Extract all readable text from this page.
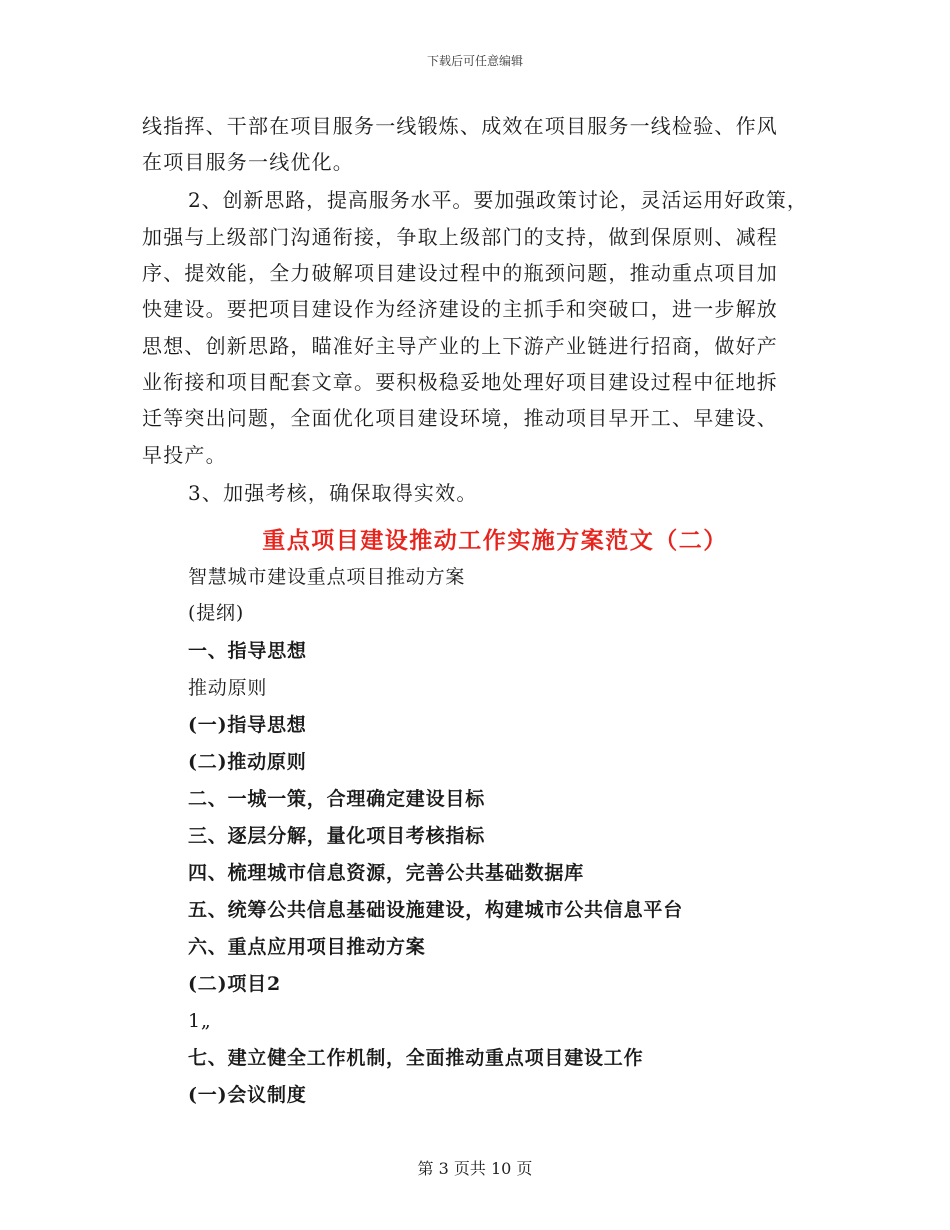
下载后可任意编辑
线指挥、干部在项目服务一线锻炼、成效在项目服务一线检验、作风
在项目服务一线优化。
2、创新思路，提高服务水平。要加强政策讨论，灵活运用好政策，
加强与上级部门沟通衔接，争取上级部门的支持，做到保原则、减程
序、提效能，全力破解项目建设过程中的瓶颈问题，推动重点项目加
快建设。要把项目建设作为经济建设的主抓手和突破口，进一步解放
思想、创新思路，瞄准好主导产业的上下游产业链进行招商，做好产
业衔接和项目配套文章。要积极稳妥地处理好项目建设过程中征地拆
迁等突出问题，全面优化项目建设环境，推动项目早开工、早建设、
早投产。
3、加强考核，确保取得实效。
重点项目建设推动工作实施方案范文（二）
智慧城市建设重点项目推动方案
(提纲)
一、指导思想
推动原则
(一)指导思想
(二)推动原则
二、一城一策，合理确定建设目标
三、逐层分解，量化项目考核指标
四、梳理城市信息资源，完善公共基础数据库
五、统筹公共信息基础设施建设，构建城市公共信息平台
六、重点应用项目推动方案
(二)项目2
1„
七、建立健全工作机制，全面推动重点项目建设工作
(一)会议制度
第 3 页共 10 页
